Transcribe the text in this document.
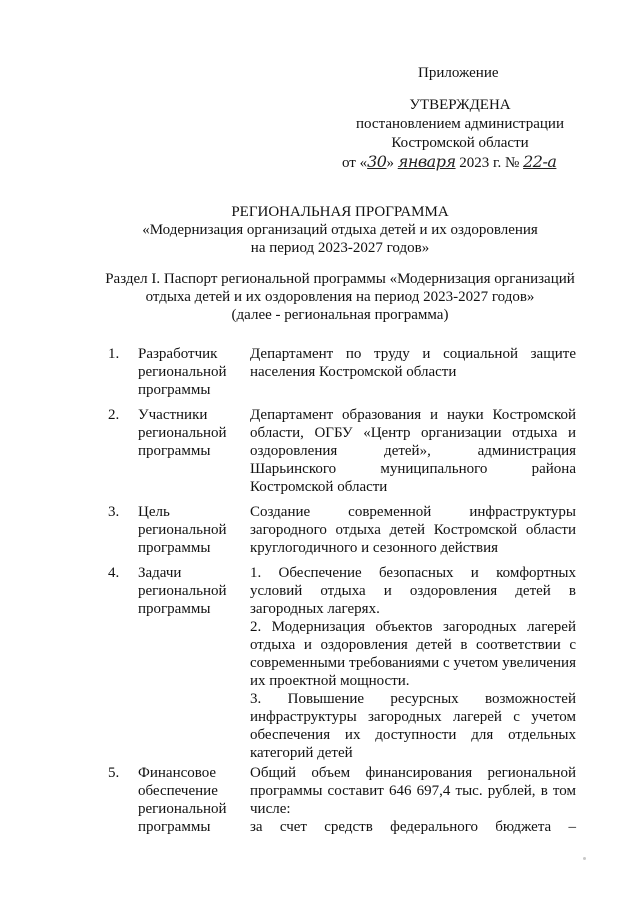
Приложение
УТВЕРЖДЕНА
постановлением администрации
Костромской области
от «30» января 2023 г. № 22-а
РЕГИОНАЛЬНАЯ ПРОГРАММА
«Модернизация организаций отдыха детей и их оздоровления
на период 2023-2027 годов»
Раздел I. Паспорт региональной программы «Модернизация организаций
отдыха детей и их оздоровления на период 2023-2027 годов»
(далее - региональная программа)
1. Разработчик
региональной
программы

Департамент по труду и социальной защите населения Костромской области

2. Участники
региональной
программы

Департамент образования и науки Костромской области, ОГБУ «Центр организации отдыха и оздоровления детей», администрация Шарьинского муниципального района Костромской области

3. Цель
региональной
программы

Создание современной инфраструктуры загородного отдыха детей Костромской области круглогодичного и сезонного действия

4. Задачи
региональной
программы

1. Обеспечение безопасных и комфортных условий отдыха и оздоровления детей в загородных лагерях.

2. Модернизация объектов загородных лагерей отдыха и оздоровления детей в соответствии с современными требованиями с учетом увеличения их проектной мощности.

3. Повышение ресурсных возможностей инфраструктуры загородных лагерей с учетом обеспечения их доступности для отдельных категорий детей

5. Финансовое
обеспечение
региональной
программы

Общий объем финансирования региональной программы составит 646 697,4 тыс. рублей, в том числе:

за счет средств федерального бюджета –
